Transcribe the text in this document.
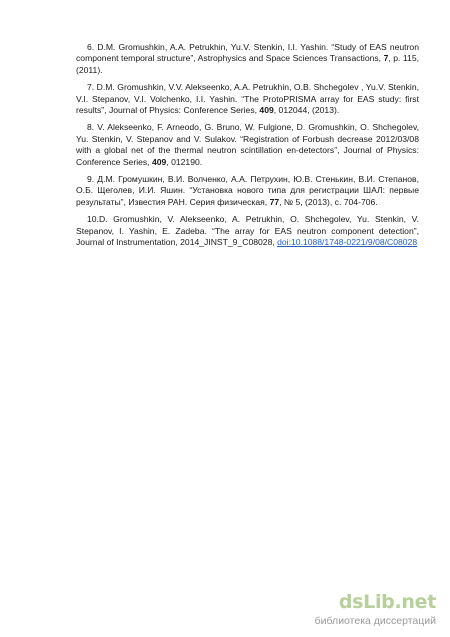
6. D.M. Gromushkin, A.A. Petrukhin, Yu.V. Stenkin, I.I. Yashin. “Study of EAS neutron component temporal structure”, Astrophysics and Space Sciences Transactions, 7, p. 115, (2011).

7. D.M. Gromushkin, V.V. Alekseenko, A.A. Petrukhin, O.B. Shchegolev , Yu.V. Stenkin, V.I. Stepanov, V.I. Volchenko, I.I. Yashin. “The ProtoPRISMA array for EAS study: first results”, Journal of Physics: Conference Series, 409, 012044, (2013).

8. V. Alekseenko, F. Arneodo, G. Bruno, W. Fulgione, D. Gromushkin, O. Shchegolev, Yu. Stenkin, V. Stepanov and V. Sulakov. “Registration of Forbush decrease 2012/03/08 with a global net of the thermal neutron scintillation en-detectors”, Journal of Physics: Conference Series, 409, 012190.

9. Д.М. Громушкин, В.И. Волченко, А.А. Петрухин, Ю.В. Стенькин, В.И. Степанов, О.Б. Щеголев, И.И. Яшин. “Установка нового типа для регистрации ШАЛ: первые результаты”, Известия РАН. Серия физическая, 77, № 5, (2013), с. 704-706.

10.D. Gromushkin, V. Alekseenko, A. Petrukhin, O. Shchegolev, Yu. Stenkin, V. Stepanov, I. Yashin, E. Zadeba. “The array for EAS neutron component detection”, Journal of Instrumentation, 2014_JINST_9_C08028, doi:10.1088/1748-0221/9/08/C08028

dsLib.net
библиотека диссертаций
